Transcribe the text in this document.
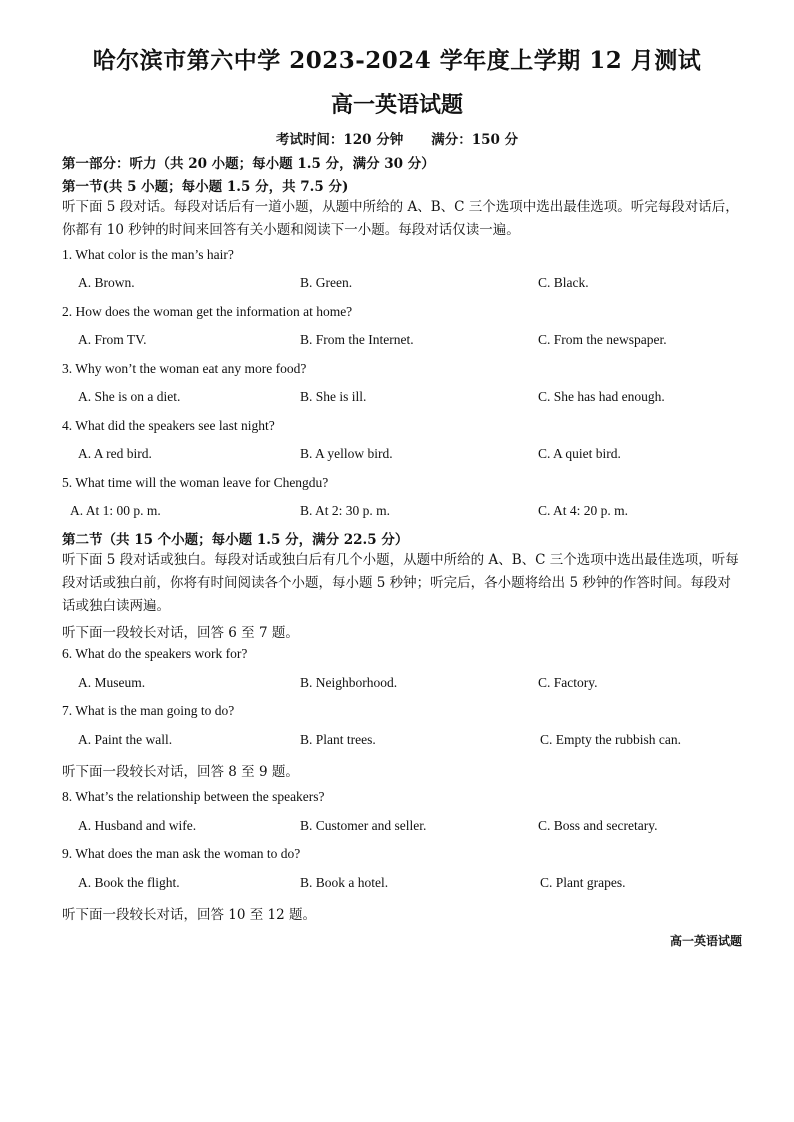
哈尔滨市第六中学 2023-2024 学年度上学期 12 月测试
高一英语试题
考试时间：120 分钟 满分：150 分
第一部分：听力（共 20 小题；每小题 1.5 分，满分 30 分）
第一节(共 5 小题；每小题 1.5 分，共 7.5 分)
听下面 5 段对话。每段对话后有一道小题，从题中所给的 A、B、C 三个选项中选出最佳选项。听完每段对话后，你都有 10 秒钟的时间来回答有关小题和阅读下一小题。每段对话仅读一遍。
1. What color is the man’s hair?
A. Brown.	B. Green.	C. Black.
2. How does the woman get the information at home?
A. From TV.	B. From the Internet.	C. From the newspaper.
3. Why won’t the woman eat any more food?
A. She is on a diet.	B. She is ill.	C. She has had enough.
4. What did the speakers see last night?
A. A red bird.	B. A yellow bird.	C. A quiet bird.
5. What time will the woman leave for Chengdu?
A. At 1: 00 p. m.	B. At 2: 30 p. m.	C. At 4: 20 p. m.
第二节（共 15 个小题；每小题 1.5 分，满分 22.5 分）
听下面 5 段对话或独白。每段对话或独白后有几个小题，从题中所给的 A、B、C 三个选项中选出最佳选项，听每段对话或独白前，你将有时间阅读各个小题，每小题 5 秒钟；听完后，各小题将给出 5 秒钟的作答时间。每段对话或独白读两遍。
听下面一段较长对话，回答 6 至 7 题。
6. What do the speakers work for?
A. Museum.	B. Neighborhood.	C. Factory.
7. What is the man going to do?
A. Paint the wall.	B. Plant trees.	C. Empty the rubbish can.
听下面一段较长对话，回答 8 至 9 题。
8. What’s the relationship between the speakers?
A. Husband and wife.	B. Customer and seller.	C. Boss and secretary.
9. What does the man ask the woman to do?
A. Book the flight.	B. Book a hotel.	C. Plant grapes.
听下面一段较长对话，回答 10 至 12 题。
高一英语试题
